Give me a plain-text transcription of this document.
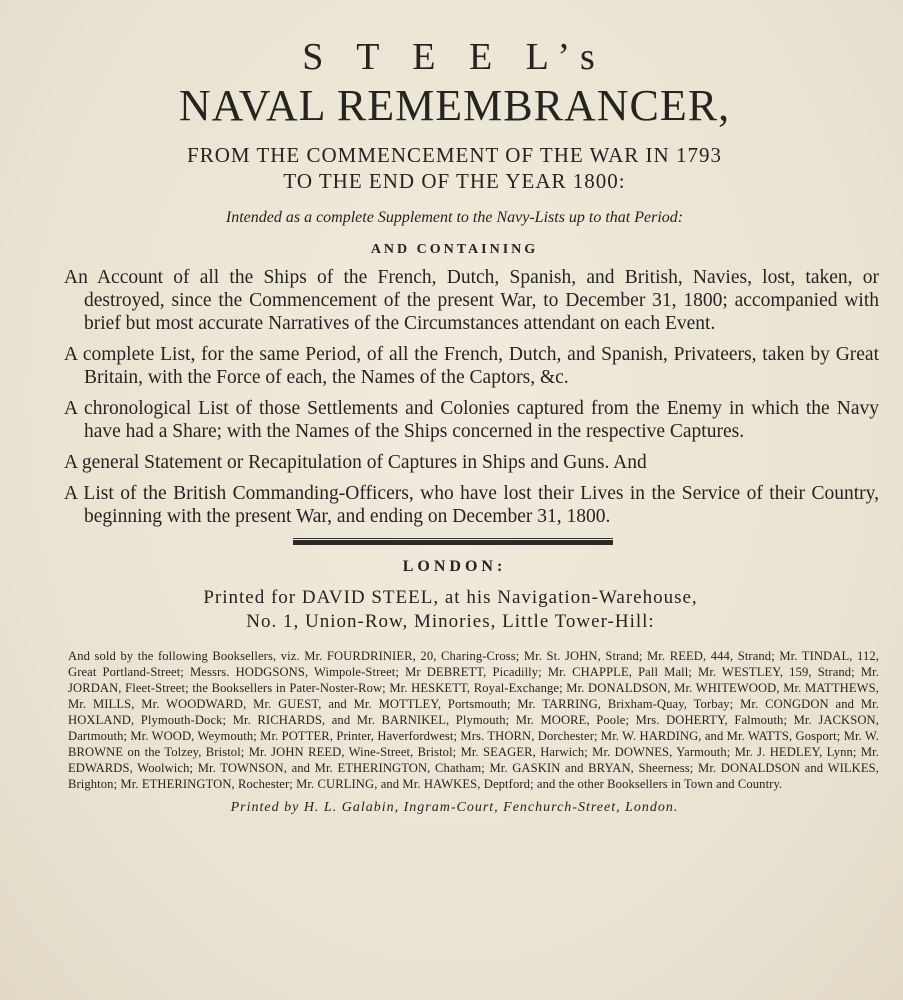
S T E E L’s
NAVAL REMEMBRANCER,
FROM THE COMMENCEMENT OF THE WAR IN 1793
TO THE END OF THE YEAR 1800:
Intended as a complete Supplement to the Navy-Lists up to that Period:
AND CONTAINING
An Account of all the Ships of the French, Dutch, Spanish, and British, Navies, lost, taken, or destroyed, since the Commencement of the present War, to December 31, 1800; accompanied with brief but most accurate Narratives of the Circumstances attendant on each Event.
A complete List, for the same Period, of all the French, Dutch, and Spanish, Privateers, taken by Great Britain, with the Force of each, the Names of the Captors, &c.
A chronological List of those Settlements and Colonies captured from the Enemy in which the Navy have had a Share; with the Names of the Ships concerned in the respective Captures.
A general Statement or Recapitulation of Captures in Ships and Guns. And
A List of the British Commanding-Officers, who have lost their Lives in the Service of their Country, beginning with the present War, and ending on December 31, 1800.
LONDON:
Printed for DAVID STEEL, at his Navigation-Warehouse,
No. 1, Union-Row, Minories, Little Tower-Hill:
And sold by the following Booksellers, viz. Mr. FOURDRINIER, 20, Charing-Cross; Mr. St. JOHN, Strand; Mr. REED, 444, Strand; Mr. TINDAL, 112, Great Portland-Street; Messrs. HODGSONS, Wimpole-Street; Mr DEBRETT, Picadilly; Mr. CHAPPLE, Pall Mall; Mr. WESTLEY, 159, Strand; Mr. JORDAN, Fleet-Street; the Booksellers in Pater-Noster-Row; Mr. HESKETT, Royal-Exchange; Mr. DONALDSON, Mr. WHITEWOOD, Mr. MATTHEWS, Mr. MILLS, Mr. WOODWARD, Mr. GUEST, and Mr. MOTTLEY, Portsmouth; Mr. TARRING, Brixham-Quay, Torbay; Mr. CONGDON and Mr. HOXLAND, Plymouth-Dock; Mr. RICHARDS, and Mr. BARNIKEL, Plymouth; Mr. MOORE, Poole; Mrs. DOHERTY, Falmouth; Mr. JACKSON, Dartmouth; Mr. WOOD, Weymouth; Mr. POTTER, Printer, Haverfordwest; Mrs. THORN, Dorchester; Mr. W. HARDING, and Mr. WATTS, Gosport; Mr. W. BROWNE on the Tolzey, Bristol; Mr. JOHN REED, Wine-Street, Bristol; Mr. SEAGER, Harwich; Mr. DOWNES, Yarmouth; Mr. J. HEDLEY, Lynn; Mr. EDWARDS, Woolwich; Mr. TOWNSON, and Mr. ETHERINGTON, Chatham; Mr. GASKIN and BRYAN, Sheerness; Mr. DONALDSON and WILKES, Brighton; Mr. ETHERINGTON, Rochester; Mr. CURLING, and Mr. HAWKES, Deptford; and the other Booksellers in Town and Country.
Printed by H. L. Galabin, Ingram-Court, Fenchurch-Street, London.
